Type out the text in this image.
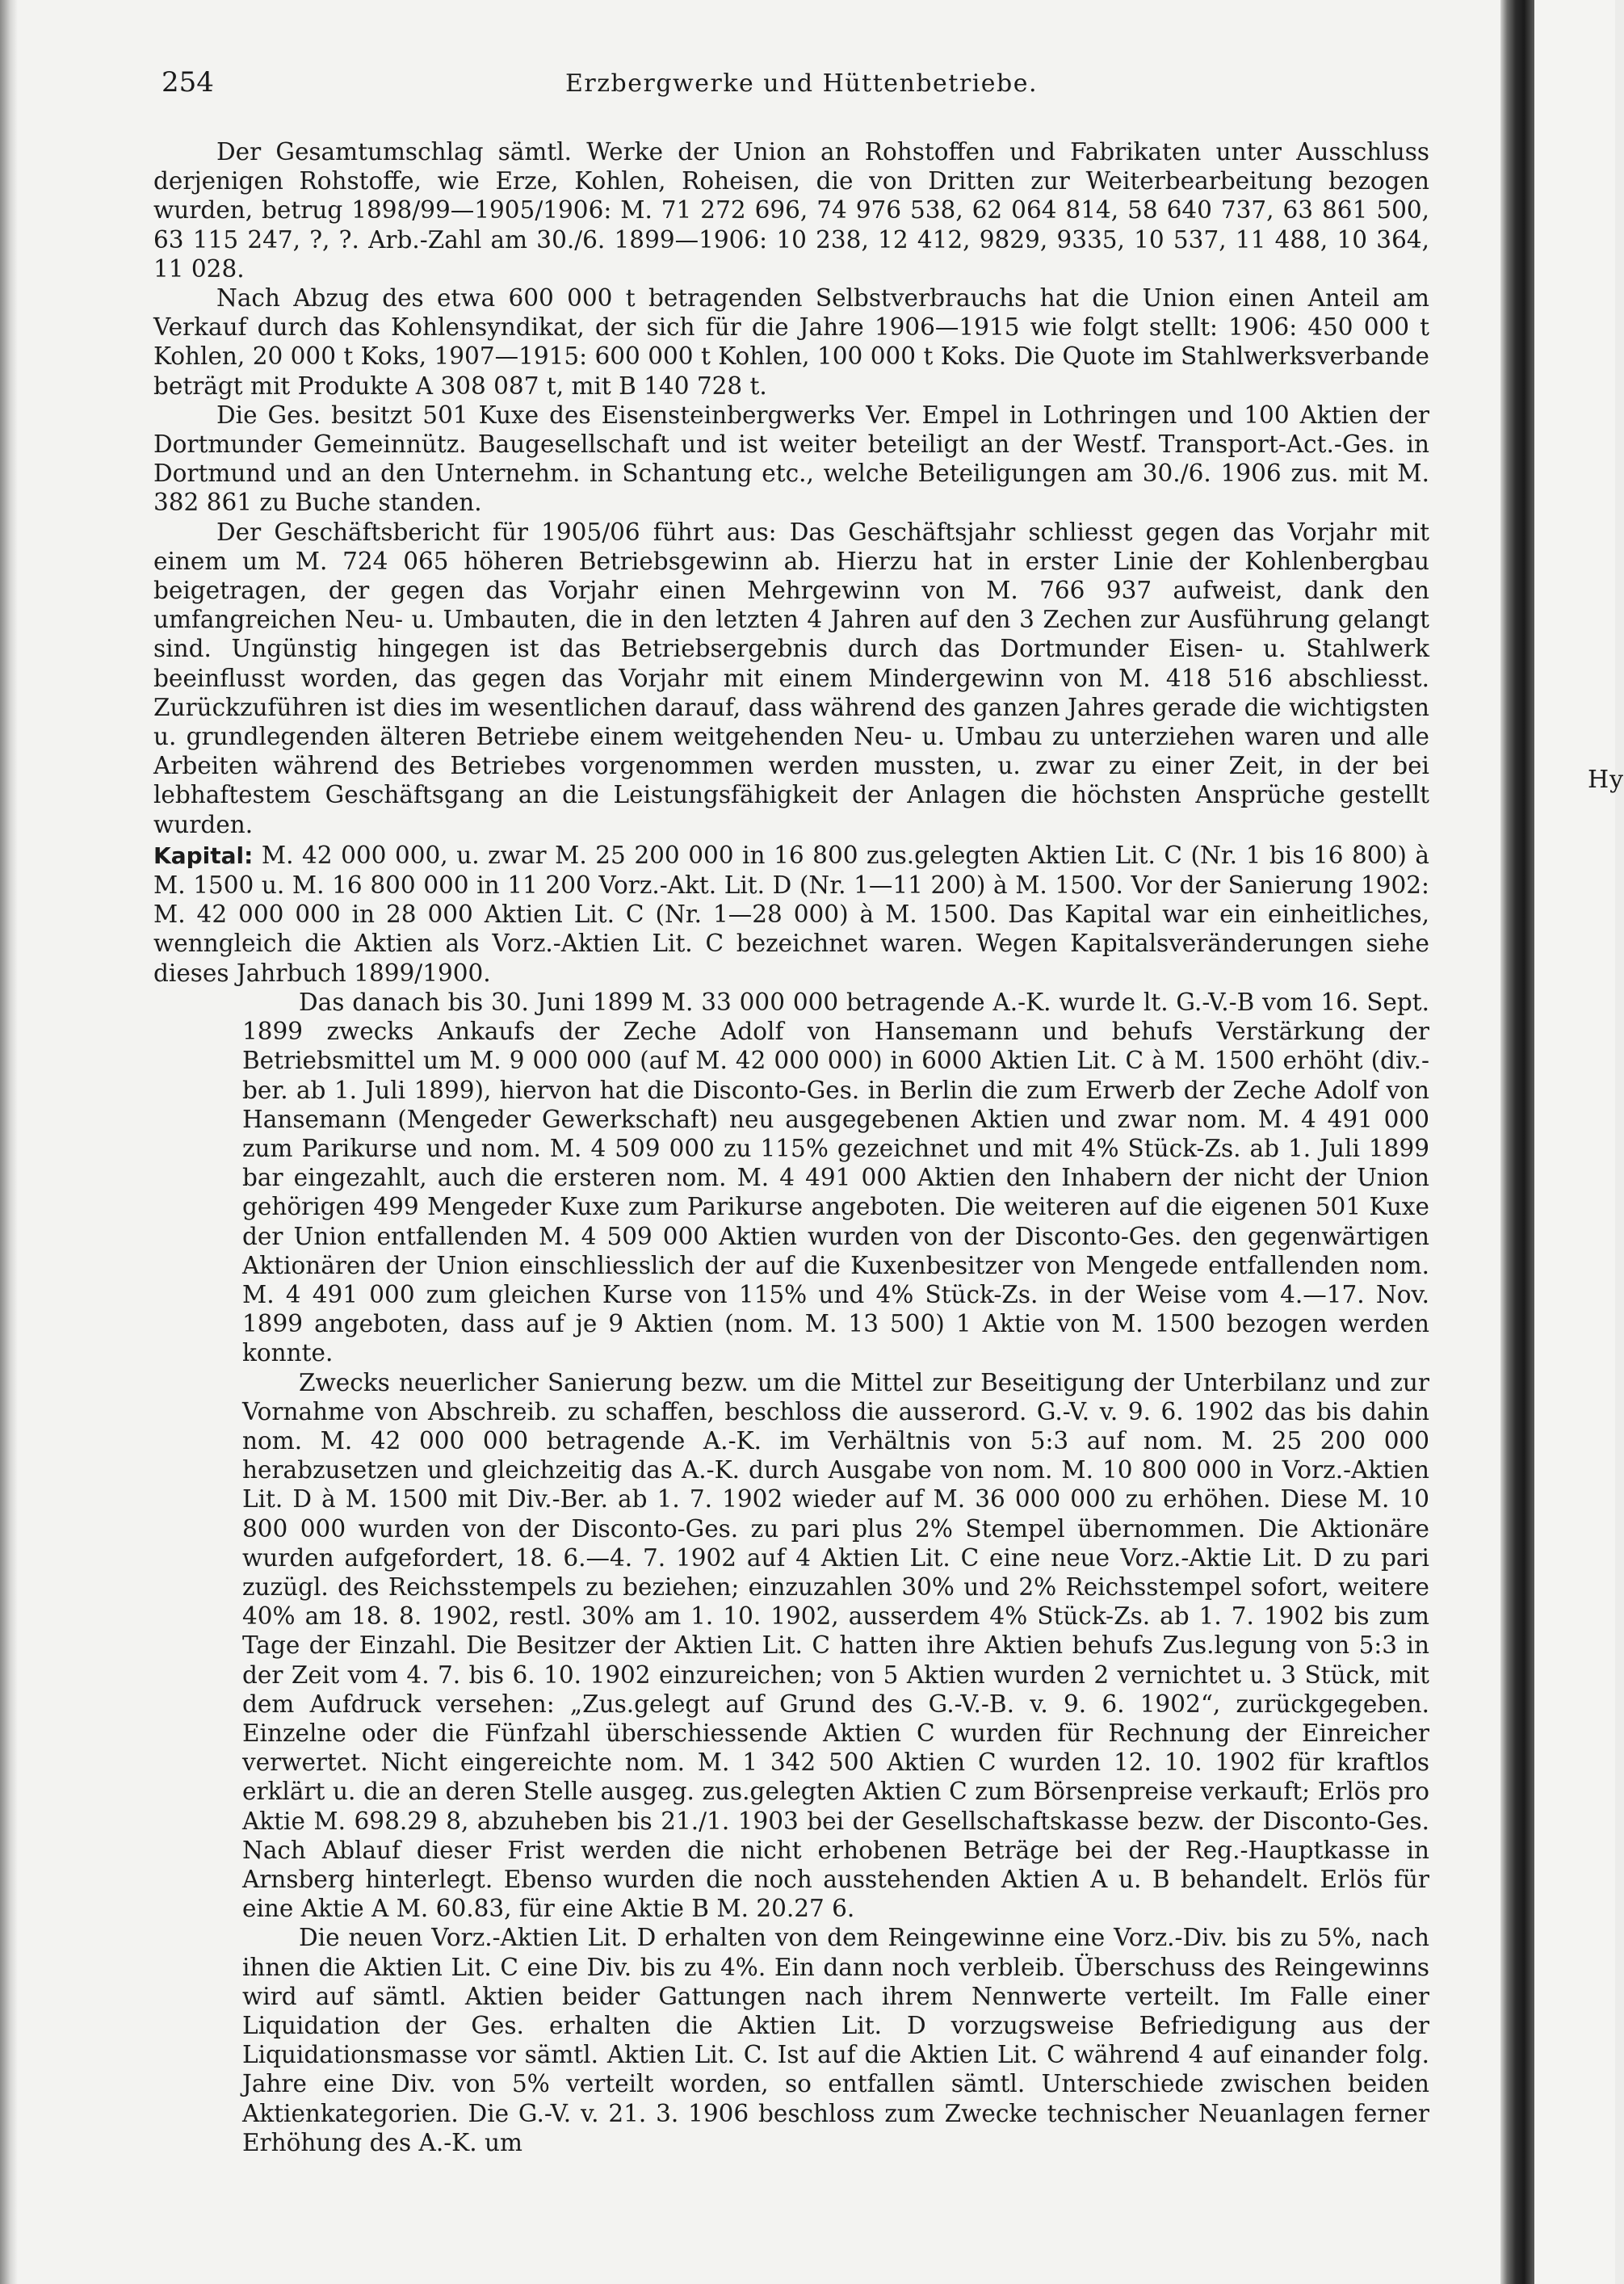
254	Erzbergwerke und Hüttenbetriebe.

Der Gesamtumschlag sämtl. Werke der Union an Rohstoffen und Fabrikaten unter Ausschluss derjenigen Rohstoffe, wie Erze, Kohlen, Roheisen, die von Dritten zur Weiterbearbeitung bezogen wurden, betrug 1898/99—1905/1906: M. 71 272 696, 74 976 538, 62 064 814, 58 640 737, 63 861 500, 63 115 247, ?, ?. Arb.-Zahl am 30./6. 1899—1906: 10 238, 12 412, 9829, 9335, 10 537, 11 488, 10 364, 11 028.

Nach Abzug des etwa 600 000 t betragenden Selbstverbrauchs hat die Union einen Anteil am Verkauf durch das Kohlensyndikat, der sich für die Jahre 1906—1915 wie folgt stellt: 1906: 450 000 t Kohlen, 20 000 t Koks, 1907—1915: 600 000 t Kohlen, 100 000 t Koks. Die Quote im Stahlwerksverbande beträgt mit Produkte A 308 087 t, mit B 140 728 t.

Die Ges. besitzt 501 Kuxe des Eisensteinbergwerks Ver. Empel in Lothringen und 100 Aktien der Dortmunder Gemeinnütz. Baugesellschaft und ist weiter beteiligt an der Westf. Transport-Act.-Ges. in Dortmund und an den Unternehm. in Schantung etc., welche Beteiligungen am 30./6. 1906 zus. mit M. 382 861 zu Buche standen.

Der Geschäftsbericht für 1905/06 führt aus: Das Geschäftsjahr schliesst gegen das Vorjahr mit einem um M. 724 065 höheren Betriebsgewinn ab. Hierzu hat in erster Linie der Kohlenbergbau beigetragen, der gegen das Vorjahr einen Mehrgewinn von M. 766 937 aufweist, dank den umfangreichen Neu- u. Umbauten, die in den letzten 4 Jahren auf den 3 Zechen zur Ausführung gelangt sind. Ungünstig hingegen ist das Betriebsergebnis durch das Dortmunder Eisen- u. Stahlwerk beeinflusst worden, das gegen das Vorjahr mit einem Mindergewinn von M. 418 516 abschliesst. Zurückzuführen ist dies im wesentlichen darauf, dass während des ganzen Jahres gerade die wichtigsten u. grundlegenden älteren Betriebe einem weitgehenden Neu- u. Umbau zu unterziehen waren und alle Arbeiten während des Betriebes vorgenommen werden mussten, u. zwar zu einer Zeit, in der bei lebhaftestem Geschäftsgang an die Leistungsfähigkeit der Anlagen die höchsten Ansprüche gestellt wurden.

Kapital: M. 42 000 000, u. zwar M. 25 200 000 in 16 800 zus.gelegten Aktien Lit. C (Nr. 1 bis 16 800) à M. 1500 u. M. 16 800 000 in 11 200 Vorz.-Akt. Lit. D (Nr. 1—11 200) à M. 1500. Vor der Sanierung 1902: M. 42 000 000 in 28 000 Aktien Lit. C (Nr. 1—28 000) à M. 1500. Das Kapital war ein einheitliches, wenngleich die Aktien als Vorz.-Aktien Lit. C bezeichnet waren. Wegen Kapitalsveränderungen siehe dieses Jahrbuch 1899/1900.

Das danach bis 30. Juni 1899 M. 33 000 000 betragende A.-K. wurde lt. G.-V.-B vom 16. Sept. 1899 zwecks Ankaufs der Zeche Adolf von Hansemann und behufs Verstärkung der Betriebsmittel um M. 9 000 000 (auf M. 42 000 000) in 6000 Aktien Lit. C à M. 1500 erhöht (div.-ber. ab 1. Juli 1899), hiervon hat die Disconto-Ges. in Berlin die zum Erwerb der Zeche Adolf von Hansemann (Mengeder Gewerkschaft) neu ausgegebenen Aktien und zwar nom. M. 4 491 000 zum Parikurse und nom. M. 4 509 000 zu 115% gezeichnet und mit 4% Stück-Zs. ab 1. Juli 1899 bar eingezahlt, auch die ersteren nom. M. 4 491 000 Aktien den Inhabern der nicht der Union gehörigen 499 Mengeder Kuxe zum Parikurse angeboten. Die weiteren auf die eigenen 501 Kuxe der Union entfallenden M. 4 509 000 Aktien wurden von der Disconto-Ges. den gegenwärtigen Aktionären der Union einschliesslich der auf die Kuxenbesitzer von Mengede entfallenden nom. M. 4 491 000 zum gleichen Kurse von 115% und 4% Stück-Zs. in der Weise vom 4.—17. Nov. 1899 angeboten, dass auf je 9 Aktien (nom. M. 13 500) 1 Aktie von M. 1500 bezogen werden konnte.

Zwecks neuerlicher Sanierung bezw. um die Mittel zur Beseitigung der Unterbilanz und zur Vornahme von Abschreib. zu schaffen, beschloss die ausserord. G.-V. v. 9. 6. 1902 das bis dahin nom. M. 42 000 000 betragende A.-K. im Verhältnis von 5:3 auf nom. M. 25 200 000 herabzusetzen und gleichzeitig das A.-K. durch Ausgabe von nom. M. 10 800 000 in Vorz.-Aktien Lit. D à M. 1500 mit Div.-Ber. ab 1. 7. 1902 wieder auf M. 36 000 000 zu erhöhen. Diese M. 10 800 000 wurden von der Disconto-Ges. zu pari plus 2% Stempel übernommen. Die Aktionäre wurden aufgefordert, 18. 6.—4. 7. 1902 auf 4 Aktien Lit. C eine neue Vorz.-Aktie Lit. D zu pari zuzügl. des Reichsstempels zu beziehen; einzuzahlen 30% und 2% Reichsstempel sofort, weitere 40% am 18. 8. 1902, restl. 30% am 1. 10. 1902, ausserdem 4% Stück-Zs. ab 1. 7. 1902 bis zum Tage der Einzahl. Die Besitzer der Aktien Lit. C hatten ihre Aktien behufs Zus.legung von 5:3 in der Zeit vom 4. 7. bis 6. 10. 1902 einzureichen; von 5 Aktien wurden 2 vernichtet u. 3 Stück, mit dem Aufdruck versehen: „Zus.gelegt auf Grund des G.-V.-B. v. 9. 6. 1902“, zurückgegeben. Einzelne oder die Fünfzahl überschiessende Aktien C wurden für Rechnung der Einreicher verwertet. Nicht eingereichte nom. M. 1 342 500 Aktien C wurden 12. 10. 1902 für kraftlos erklärt u. die an deren Stelle ausgeg. zus.gelegten Aktien C zum Börsenpreise verkauft; Erlös pro Aktie M. 698.29 8, abzuheben bis 21./1. 1903 bei der Gesellschaftskasse bezw. der Disconto-Ges. Nach Ablauf dieser Frist werden die nicht erhobenen Beträge bei der Reg.-Hauptkasse in Arnsberg hinterlegt. Ebenso wurden die noch ausstehenden Aktien A u. B behandelt. Erlös für eine Aktie A M. 60.83, für eine Aktie B M. 20.27 6.

Die neuen Vorz.-Aktien Lit. D erhalten von dem Reingewinne eine Vorz.-Div. bis zu 5%, nach ihnen die Aktien Lit. C eine Div. bis zu 4%. Ein dann noch verbleib. Überschuss des Reingewinns wird auf sämtl. Aktien beider Gattungen nach ihrem Nennwerte verteilt. Im Falle einer Liquidation der Ges. erhalten die Aktien Lit. D vorzugsweise Befriedigung aus der Liquidationsmasse vor sämtl. Aktien Lit. C. Ist auf die Aktien Lit. C während 4 auf einander folg. Jahre eine Div. von 5% verteilt worden, so entfallen sämtl. Unterschiede zwischen beiden Aktienkategorien. Die G.-V. v. 21. 3. 1906 beschloss zum Zwecke technischer Neuanlagen ferner Erhöhung des A.-K. um

Hy
